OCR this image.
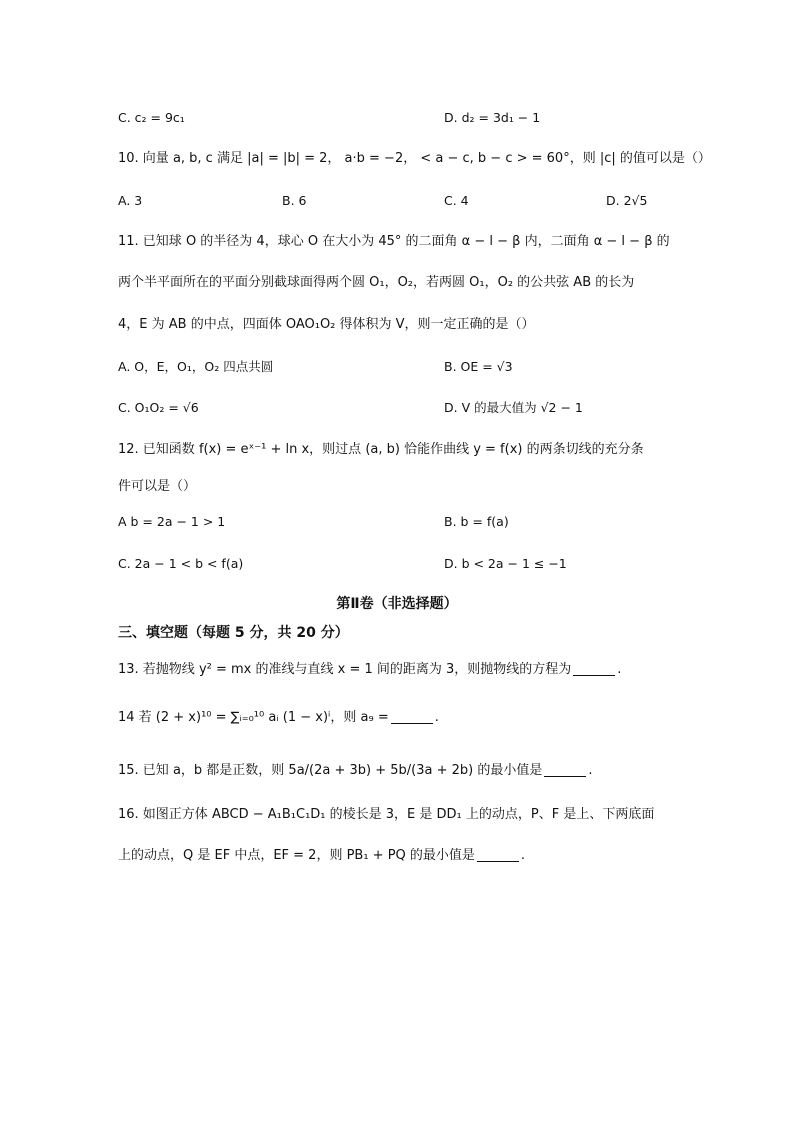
C. c₂ = 9c₁	D. d₂ = 3d₁ − 1
10. 向量 a, b, c 满足 |a| = |b| = 2， a·b = −2， < a − c, b − c > = 60°，则 |c| 的值可以是（）
A. 3	B. 6	C. 4	D. 2√5
11. 已知球 O 的半径为 4，球心 O 在大小为 45° 的二面角 α − l − β 内，二面角 α − l − β 的
两个半平面所在的平面分别截球面得两个圆 O₁，O₂，若两圆 O₁，O₂ 的公共弦 AB 的长为
4，E 为 AB 的中点，四面体 OAO₁O₂ 得体积为 V，则一定正确的是（）
A. O，E，O₁，O₂ 四点共圆	B. OE = √3
C. O₁O₂ = √6	D. V 的最大值为 √2 − 1
12. 已知函数 f(x) = eˣ⁻¹ + ln x，则过点 (a, b) 恰能作曲线 y = f(x) 的两条切线的充分条
件可以是（）
A b = 2a − 1 > 1	B. b = f(a)
C. 2a − 1 < b < f(a)	D. b < 2a − 1 ≤ −1
第Ⅱ卷（非选择题）
三、填空题（每题 5 分，共 20 分）
13. 若抛物线 y² = mx 的准线与直线 x = 1 间的距离为 3，则抛物线的方程为	.
14 若 (2 + x)¹⁰ = ∑ᵢ₌₀¹⁰ aᵢ (1 − x)ⁱ，则 a₉ =	.
15. 已知 a，b 都是正数，则 5a/(2a + 3b) + 5b/(3a + 2b) 的最小值是	.
16. 如图正方体 ABCD − A₁B₁C₁D₁ 的棱长是 3，E 是 DD₁ 上的动点，P、F 是上、下两底面
上的动点，Q 是 EF 中点，EF = 2，则 PB₁ + PQ 的最小值是	.
